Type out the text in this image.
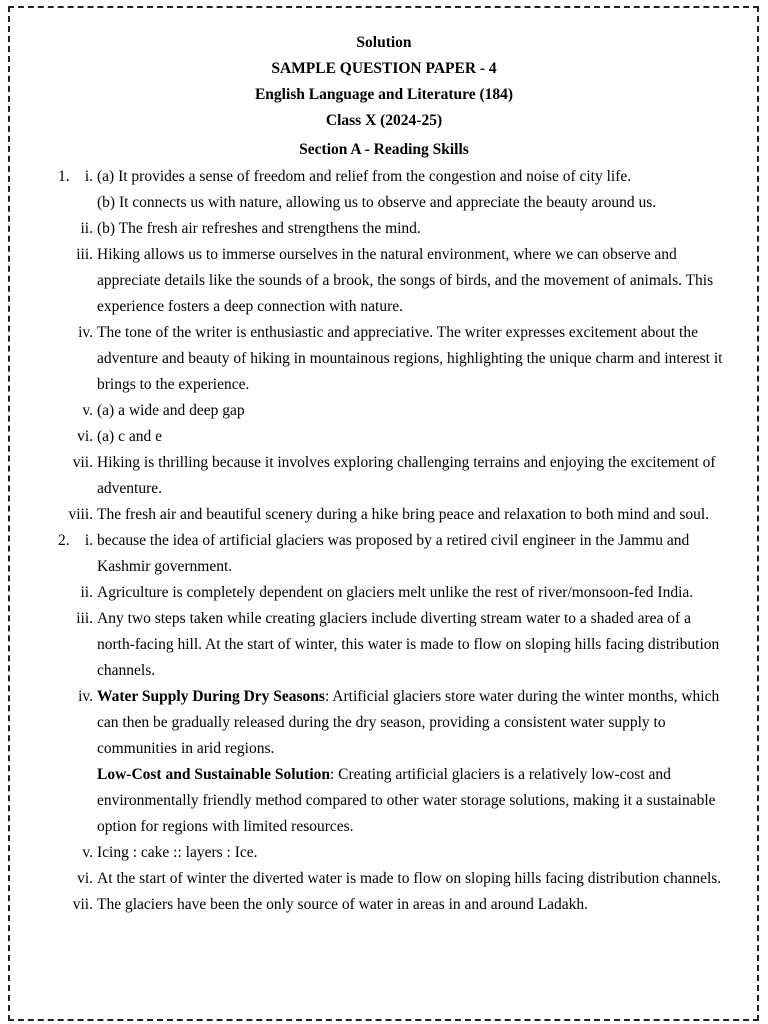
Solution
SAMPLE QUESTION PAPER - 4
English Language and Literature (184)
Class X (2024-25)
Section A - Reading Skills
1. i. (a) It provides a sense of freedom and relief from the congestion and noise of city life.
(b) It connects us with nature, allowing us to observe and appreciate the beauty around us.
ii. (b) The fresh air refreshes and strengthens the mind.
iii. Hiking allows us to immerse ourselves in the natural environment, where we can observe and appreciate details like the sounds of a brook, the songs of birds, and the movement of animals. This experience fosters a deep connection with nature.
iv. The tone of the writer is enthusiastic and appreciative. The writer expresses excitement about the adventure and beauty of hiking in mountainous regions, highlighting the unique charm and interest it brings to the experience.
v. (a) a wide and deep gap
vi. (a) c and e
vii. Hiking is thrilling because it involves exploring challenging terrains and enjoying the excitement of adventure.
viii. The fresh air and beautiful scenery during a hike bring peace and relaxation to both mind and soul.
2. i. because the idea of artificial glaciers was proposed by a retired civil engineer in the Jammu and Kashmir government.
ii. Agriculture is completely dependent on glaciers melt unlike the rest of river/monsoon-fed India.
iii. Any two steps taken while creating glaciers include diverting stream water to a shaded area of a north-facing hill. At the start of winter, this water is made to flow on sloping hills facing distribution channels.
iv. Water Supply During Dry Seasons: Artificial glaciers store water during the winter months, which can then be gradually released during the dry season, providing a consistent water supply to communities in arid regions.
Low-Cost and Sustainable Solution: Creating artificial glaciers is a relatively low-cost and environmentally friendly method compared to other water storage solutions, making it a sustainable option for regions with limited resources.
v. Icing : cake :: layers : Ice.
vi. At the start of winter the diverted water is made to flow on sloping hills facing distribution channels.
vii. The glaciers have been the only source of water in areas in and around Ladakh.
